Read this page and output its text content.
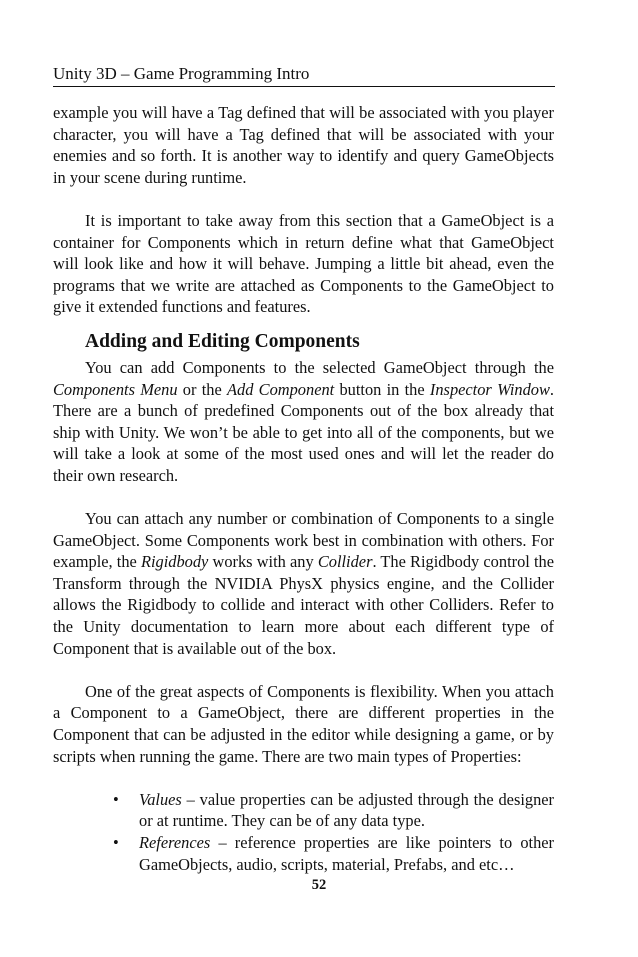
Unity 3D – Game Programming Intro

example you will have a Tag defined that will be associated with you player character, you will have a Tag defined that will be associated with your enemies and so forth. It is another way to identify and query GameObjects in your scene during runtime.

It is important to take away from this section that a GameObject is a container for Components which in return define what that GameObject will look like and how it will behave. Jumping a little bit ahead, even the programs that we write are attached as Components to the GameObject to give it extended functions and features.

Adding and Editing Components

You can add Components to the selected GameObject through the Components Menu or the Add Component button in the Inspector Window. There are a bunch of predefined Components out of the box already that ship with Unity. We won’t be able to get into all of the components, but we will take a look at some of the most used ones and will let the reader do their own research.

You can attach any number or combination of Components to a single GameObject. Some Components work best in combination with others. For example, the Rigidbody works with any Collider. The Rigidbody control the Transform through the NVIDIA PhysX physics engine, and the Collider allows the Rigidbody to collide and interact with other Colliders. Refer to the Unity documentation to learn more about each different type of Component that is available out of the box.

One of the great aspects of Components is flexibility. When you attach a Component to a GameObject, there are different properties in the Component that can be adjusted in the editor while designing a game, or by scripts when running the game. There are two main types of Properties:

• Values – value properties can be adjusted through the designer or at runtime. They can be of any data type.
• References – reference properties are like pointers to other GameObjects, audio, scripts, material, Prefabs, and etc…
52
